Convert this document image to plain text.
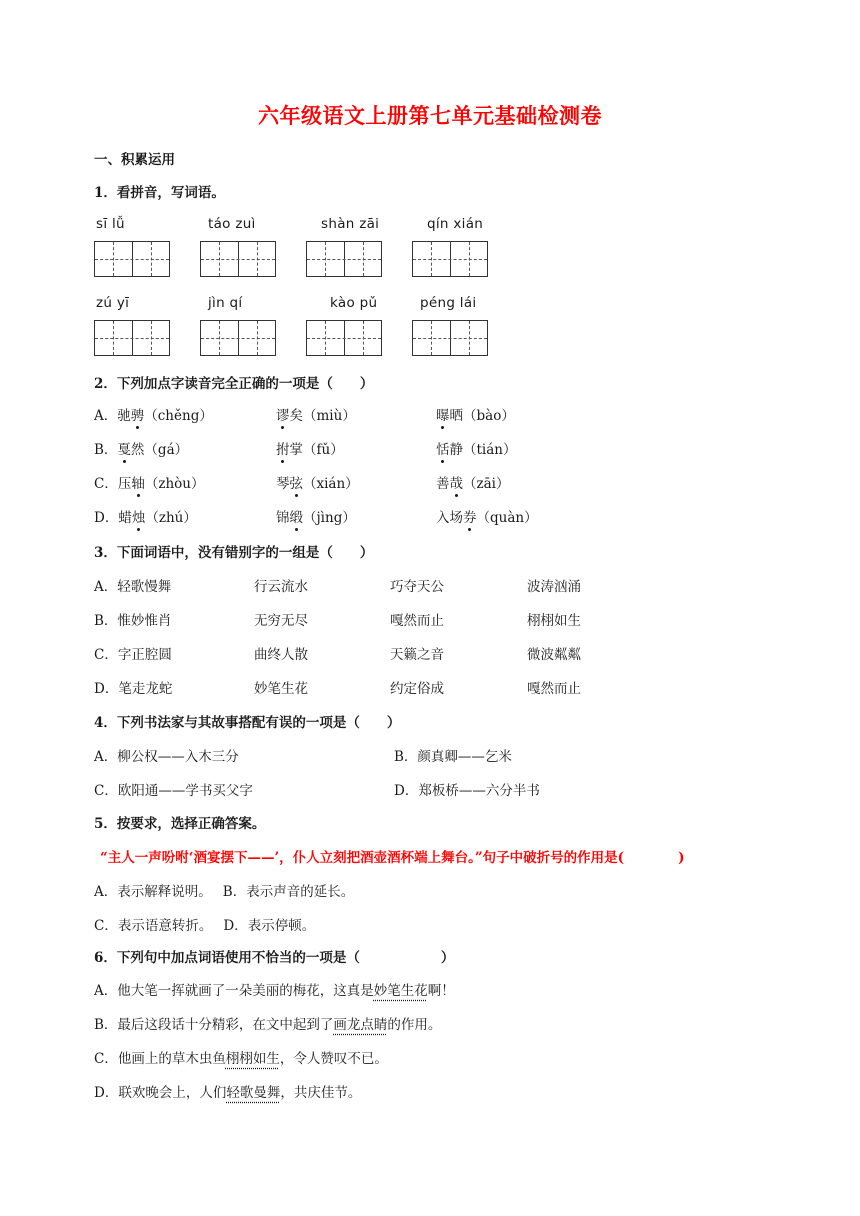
六年级语文上册第七单元基础检测卷
一、积累运用
1．看拼音，写词语。
sī lǚ	táo zuì	shàn zāi	qín xián
zú yī	jìn qí	kào pǔ	péng lái
2．下列加点字读音完全正确的一项是（　　）
A．驰骋（chěng）	谬矣（miù）	曝晒（bào）
B．戛然（gá）	拊掌（fǔ）	恬静（tián）
C．压轴（zhòu）	琴弦（xián）	善哉（zāi）
D．蜡烛（zhú）	锦缎（jìng）	入场券（quàn）
3．下面词语中，没有错别字的一组是（　　）
A．轻歌慢舞	行云流水	巧夺天公	波涛汹涌
B．惟妙惟肖	无穷无尽	嘎然而止	栩栩如生
C．字正腔圆	曲终人散	天籁之音	微波粼粼
D．笔走龙蛇	妙笔生花	约定俗成	嘎然而止
4．下列书法家与其故事搭配有误的一项是（　　）
A．柳公权——入木三分	B．颜真卿——乞米
C．欧阳通——学书买父字	D．郑板桥——六分半书
5．按要求，选择正确答案。
“主人一声吩咐‘酒宴摆下——’，仆人立刻把酒壶酒杯端上舞台。”句子中破折号的作用是(　　　　)
A．表示解释说明。　 B．表示声音的延长。
C．表示语意转折。　 D．表示停顿。
6．下列句中加点词语使用不恰当的一项是（　　　　　　）
A．他大笔一挥就画了一朵美丽的梅花，这真是妙笔生花啊！
B．最后这段话十分精彩，在文中起到了画龙点睛的作用。
C．他画上的草木虫鱼栩栩如生，令人赞叹不已。
D．联欢晚会上，人们轻歌曼舞，共庆佳节。
